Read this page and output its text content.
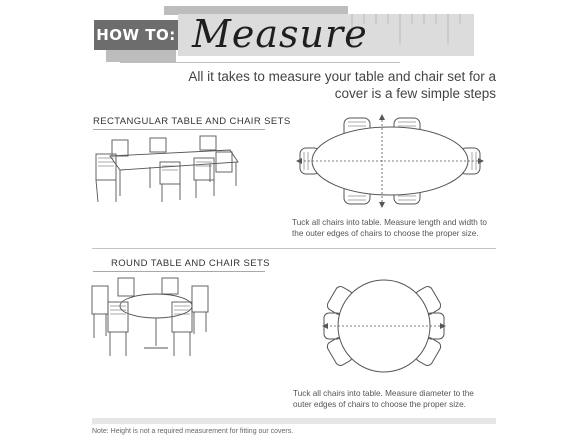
HOW TO: Measure
All it takes to measure your table and chair set for a
cover is a few simple steps
RECTANGULAR TABLE AND CHAIR SETS
Tuck all chairs into table. Measure length and width to
the outer edges of chairs to choose the proper size.
ROUND TABLE AND CHAIR SETS
Tuck all chairs into table. Measure diameter to the
outer edges of chairs to choose the proper size.
Note: Height is not a required measurement for fitting our covers.
